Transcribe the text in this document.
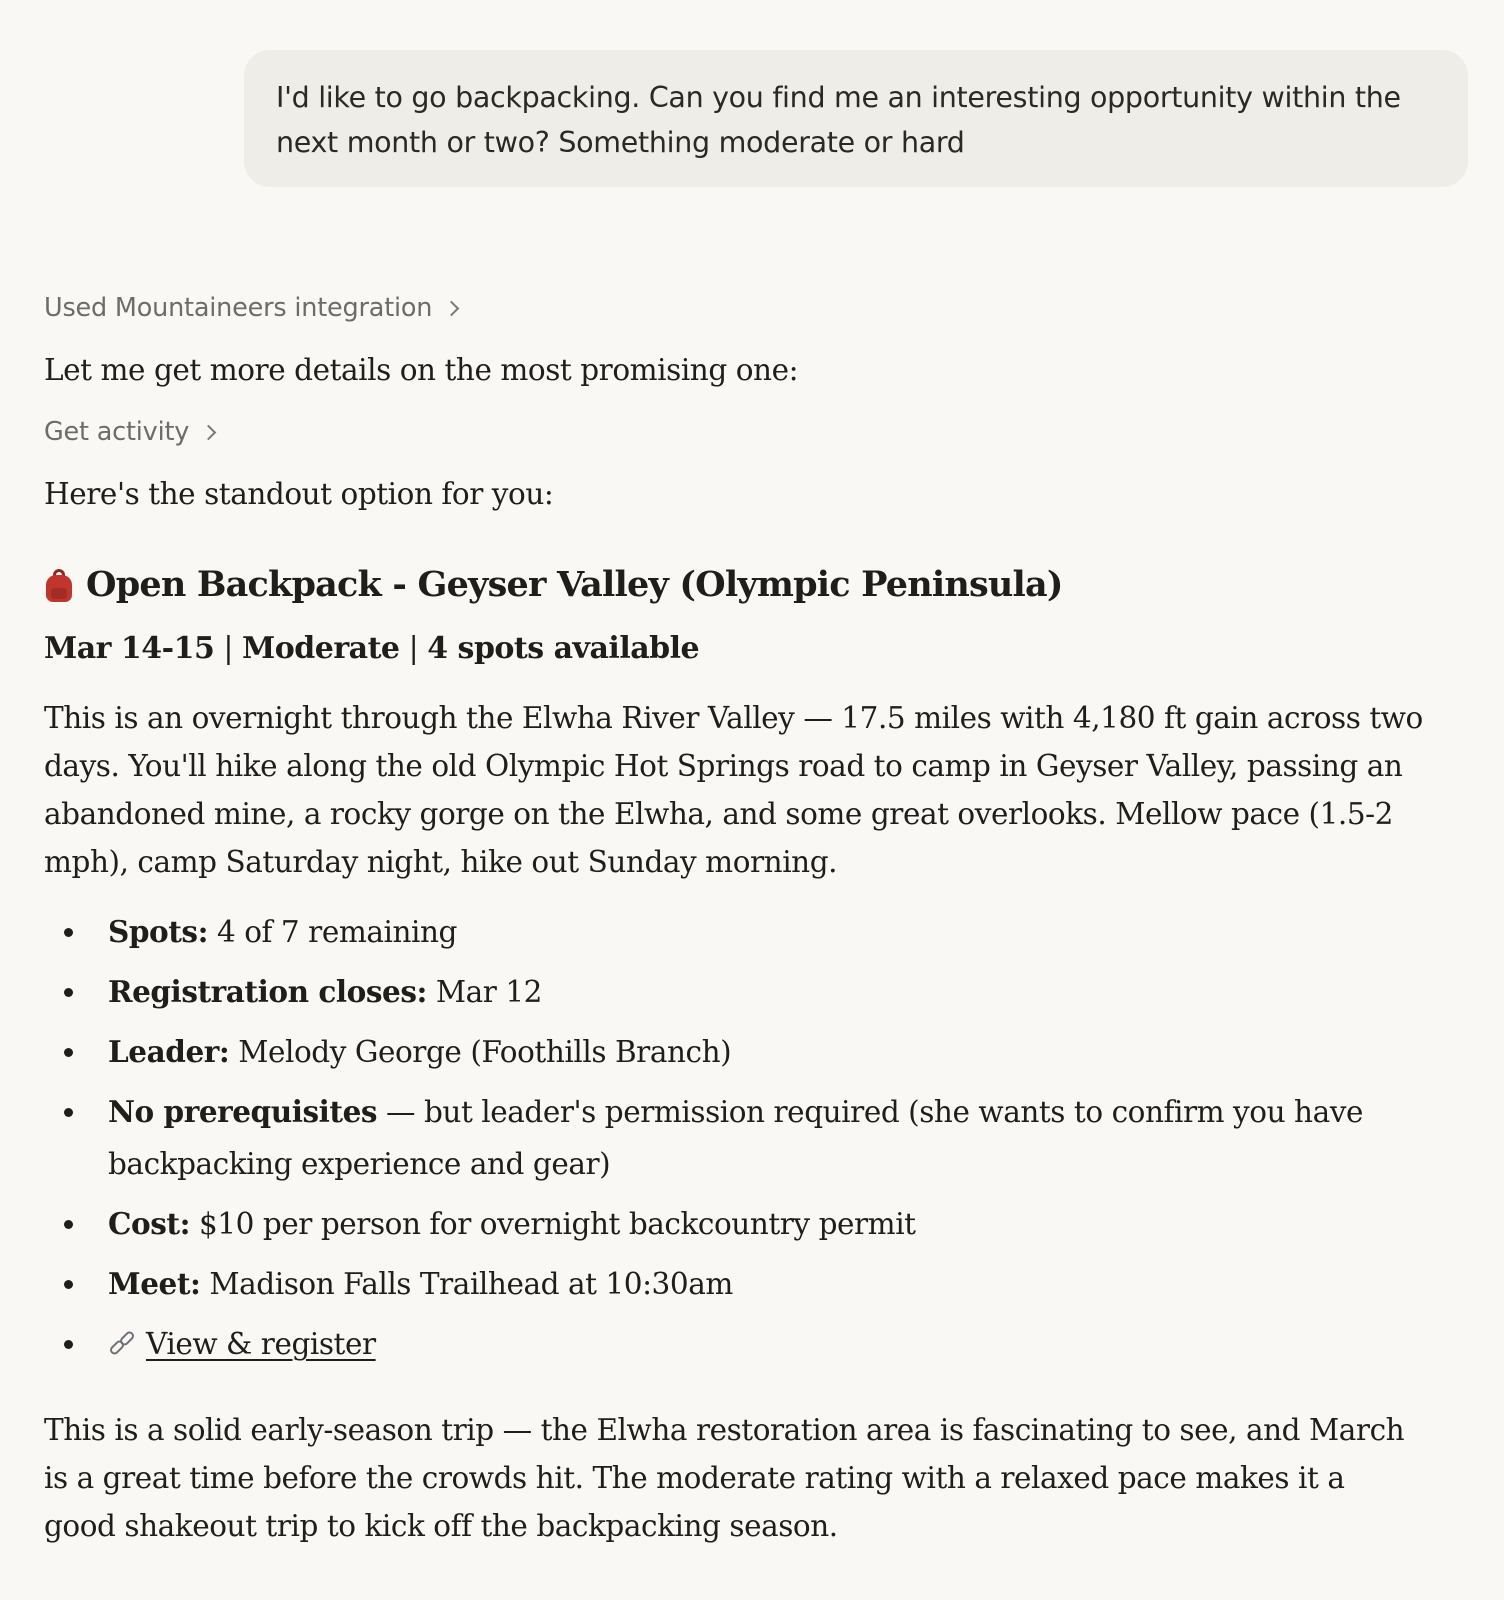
I'd like to go backpacking. Can you find me an interesting opportunity within the next month or two? Something moderate or hard
Used Mountaineers integration

Let me get more details on the most promising one:

Get activity

Here's the standout option for you:

Open Backpack - Geyser Valley (Olympic Peninsula)
Mar 14-15 | Moderate | 4 spots available

This is an overnight through the Elwha River Valley — 17.5 miles with 4,180 ft gain across two days. You'll hike along the old Olympic Hot Springs road to camp in Geyser Valley, passing an abandoned mine, a rocky gorge on the Elwha, and some great overlooks. Mellow pace (1.5-2 mph), camp Saturday night, hike out Sunday morning.

Spots: 4 of 7 remaining
Registration closes: Mar 12
Leader: Melody George (Foothills Branch)
No prerequisites — but leader's permission required (she wants to confirm you have backpacking experience and gear)
Cost: $10 per person for overnight backcountry permit
Meet: Madison Falls Trailhead at 10:30am
View & register

This is a solid early-season trip — the Elwha restoration area is fascinating to see, and March is a great time before the crowds hit. The moderate rating with a relaxed pace makes it a good shakeout trip to kick off the backpacking season.
